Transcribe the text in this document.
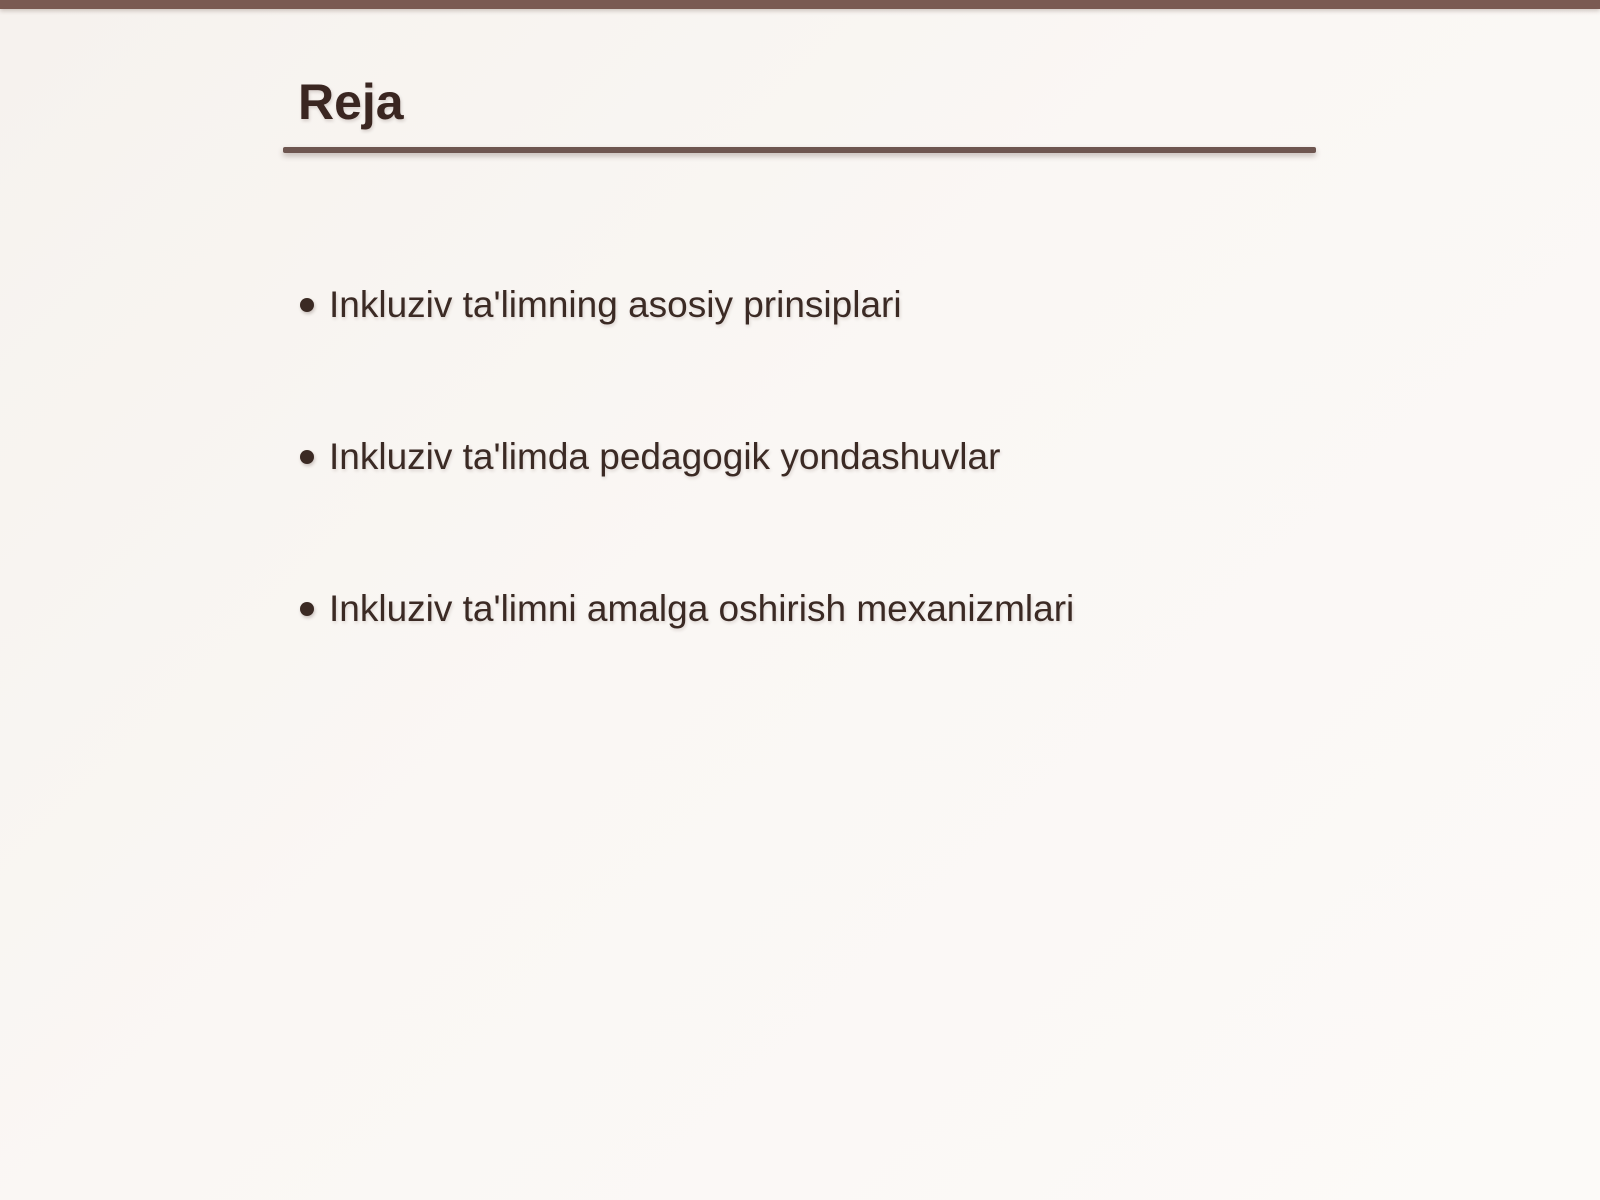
Reja
Inkluziv ta'limning asosiy prinsiplari
Inkluziv ta'limda pedagogik yondashuvlar
Inkluziv ta'limni amalga oshirish mexanizmlari
